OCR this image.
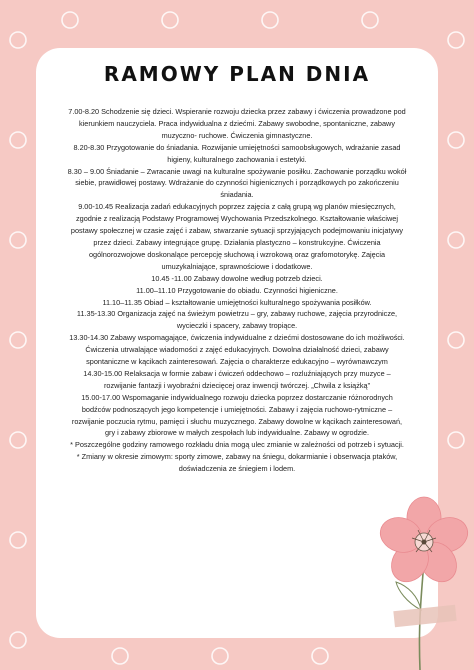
RAMOWY PLAN DNIA

7.00-8.20 Schodzenie się dzieci. Wspieranie rozwoju dziecka przez zabawy i ćwiczenia prowadzone pod

kierunkiem nauczyciela. Praca indywidualna z dziećmi. Zabawy swobodne, spontaniczne, zabawy

muzyczno- ruchowe. Ćwiczenia gimnastyczne.

8.20-8.30 Przygotowanie do śniadania. Rozwijanie umiejętności samoobsługowych, wdrażanie zasad

higieny, kulturalnego zachowania i estetyki.

8.30 – 9.00 Śniadanie – Zwracanie uwagi na kulturalne spożywanie posiłku. Zachowanie porządku wokół

siebie, prawidłowej postawy. Wdrażanie do czynności higienicznych i porządkowych po zakończeniu

śniadania.

9.00-10.45 Realizacja zadań edukacyjnych poprzez zajęcia z całą grupą wg planów miesięcznych,

zgodnie z realizacją Podstawy Programowej Wychowania Przedszkolnego. Kształtowanie właściwej

postawy społecznej w czasie zajęć i zabaw, stwarzanie sytuacji sprzyjających podejmowaniu inicjatywy

przez dzieci. Zabawy integrujące grupę. Działania plastyczno – konstrukcyjne. Ćwiczenia

ogólnorozwojowe doskonalące percepcję słuchową i wzrokową oraz grafomotorykę. Zajęcia

umuzykalniające, sprawnościowe i dodatkowe.

10.45 -11.00 Zabawy dowolne według potrzeb dzieci.

11.00–11.10 Przygotowanie do obiadu. Czynności higieniczne.

11.10–11.35 Obiad – kształtowanie umiejętności kulturalnego spożywania posiłków.

11.35-13.30 Organizacja zajęć na świeżym powietrzu – gry, zabawy ruchowe, zajęcia przyrodnicze,

wycieczki i spacery, zabawy tropiące.

13.30-14.30 Zabawy wspomagające, ćwiczenia indywidualne z dziećmi dostosowane do ich możliwości.

Ćwiczenia utrwalające wiadomości z zajęć edukacyjnych. Dowolna działalność dzieci, zabawy

spontaniczne w kącikach zainteresowań. Zajęcia o charakterze edukacyjno – wyrównawczym

14.30-15.00 Relaksacja w formie zabaw i ćwiczeń oddechowo – rozluźniających przy muzyce –

rozwijanie fantazji i wyobraźni dziecięcej oraz inwencji twórczej. „Chwila z książką”

15.00-17.00 Wspomaganie indywidualnego rozwoju dziecka poprzez dostarczanie różnorodnych

bodźców podnoszących jego kompetencje i umiejętności. Zabawy i zajęcia ruchowo-rytmiczne –

rozwijanie poczucia rytmu, pamięci i słuchu muzycznego. Zabawy dowolne w kącikach zainteresowań,

gry i zabawy zbiorowe w małych zespołach lub indywidualne. Zabawy w ogrodzie.

* Poszczególne godziny ramowego rozkładu dnia mogą ulec zmianie w zależności od potrzeb i sytuacji.

* Zmiany w okresie zimowym: sporty zimowe, zabawy na śniegu, dokarmianie i obserwacja ptaków,

doświadczenia ze śniegiem i lodem.
